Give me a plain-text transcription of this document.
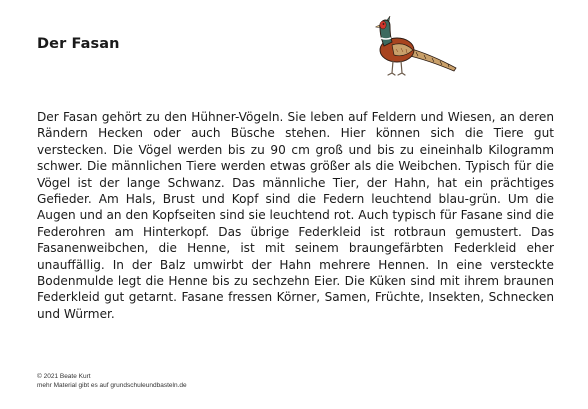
Der Fasan
Der Fasan gehört zu den Hühner-Vögeln. Sie leben auf Feldern und Wiesen, an deren Rändern Hecken oder auch Büsche stehen. Hier können sich die Tiere gut verstecken. Die Vögel werden bis zu 90 cm groß und bis zu eineinhalb Kilogramm schwer. Die männlichen Tiere werden etwas größer als die Weibchen. Typisch für die Vögel ist der lange Schwanz. Das männliche Tier, der Hahn, hat ein prächtiges Gefieder. Am Hals, Brust und Kopf sind die Federn leuchtend blau-grün. Um die Augen und an den Kopfseiten sind sie leuchtend rot. Auch typisch für Fasane sind die Federohren am Hinterkopf. Das übrige Federkleid ist rotbraun gemustert. Das Fasanenweibchen, die Henne, ist mit seinem braungefärbten Federkleid eher unauffällig. In der Balz umwirbt der Hahn mehrere Hennen. In eine versteckte Bodenmulde legt die Henne bis zu sechzehn Eier. Die Küken sind mit ihrem braunen Federkleid gut getarnt. Fasane fressen Körner, Samen, Früchte, Insekten, Schnecken und Würmer.
© 2021 Beate Kurt
mehr Material gibt es auf grundschuleundbasteln.de
